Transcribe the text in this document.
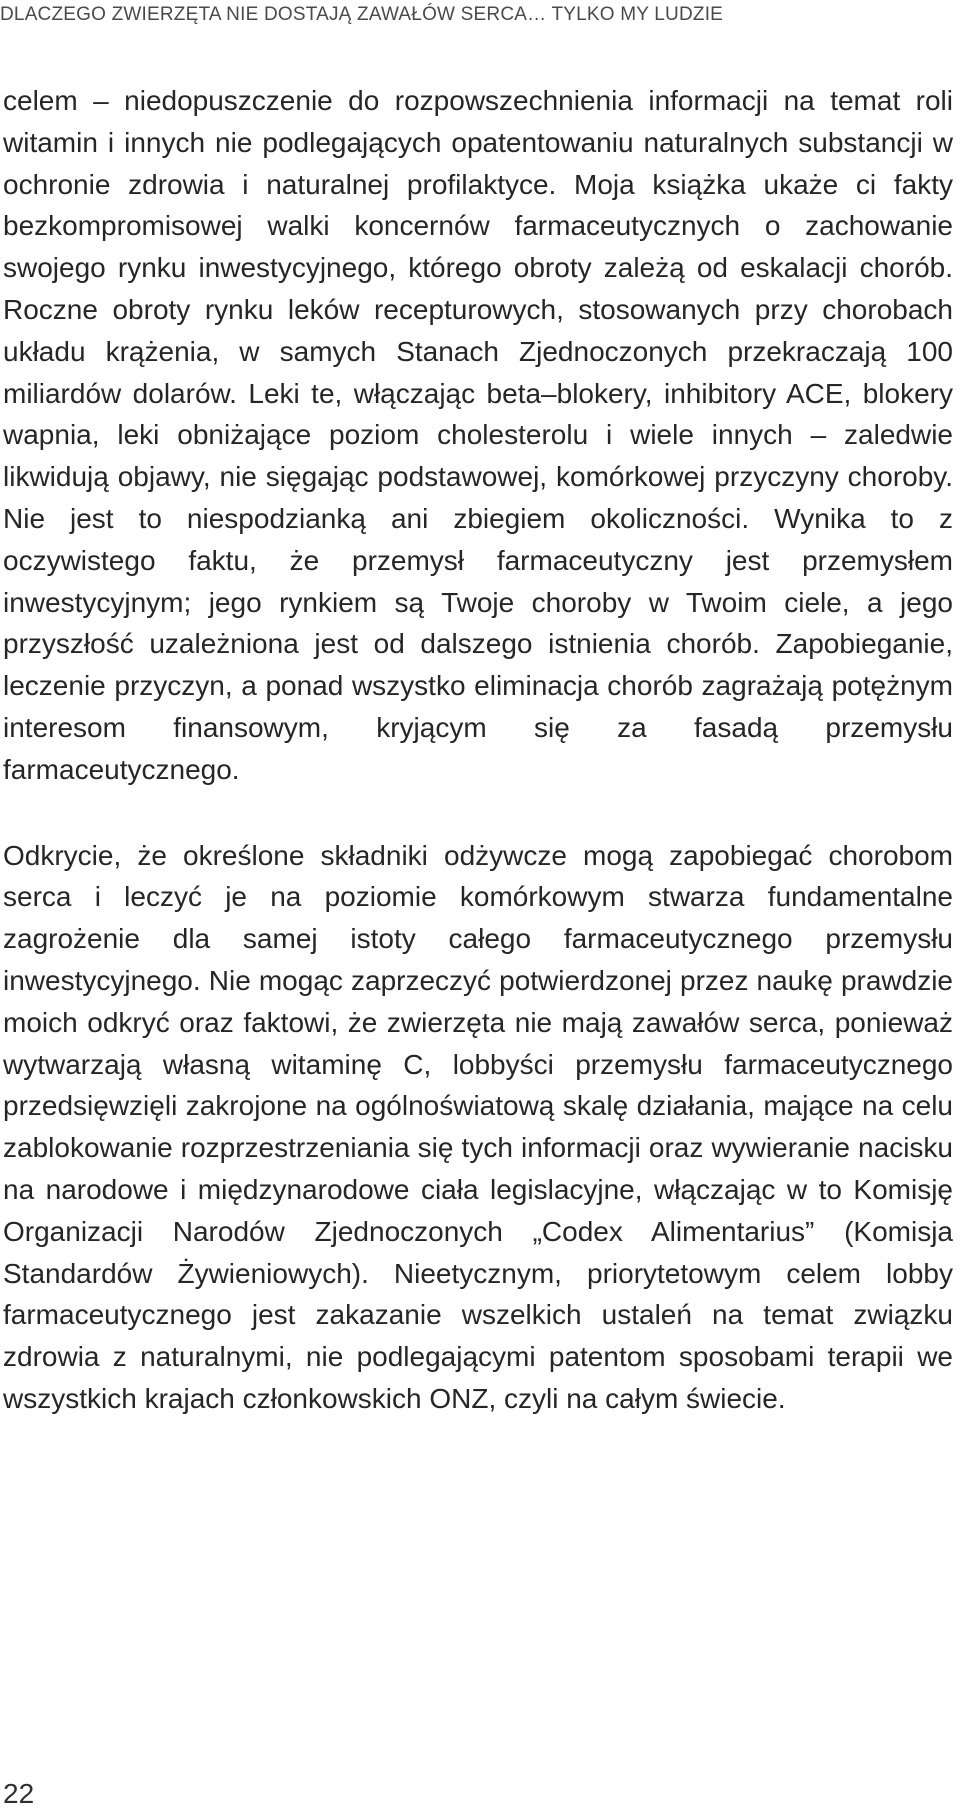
DLACZEGO ZWIERZĘTA NIE DOSTAJĄ ZAWAŁÓW SERCA… TYLKO MY LUDZIE

celem – niedopuszczenie do rozpowszechnienia informacji na temat roli witamin i innych nie podlegających opatentowaniu naturalnych substancji w ochronie zdrowia i naturalnej profilaktyce. Moja książka ukaże ci fakty bezkompromisowej walki koncernów farmaceutycznych o zachowanie swojego rynku inwestycyjnego, którego obroty zależą od eskalacji chorób. Roczne obroty rynku leków recepturowych, stosowanych przy chorobach układu krążenia, w samych Stanach Zjednoczonych przekraczają 100 miliardów dolarów. Leki te, włączając beta–blokery, inhibitory ACE, blokery wapnia, leki obniżające poziom cholesterolu i wiele innych – zaledwie likwidują objawy, nie sięgając podstawowej, komórkowej przyczyny choroby. Nie jest to niespodzianką ani zbiegiem okoliczności. Wynika to z oczywistego faktu, że przemysł farmaceutyczny jest przemysłem inwestycyjnym; jego rynkiem są Twoje choroby w Twoim ciele, a jego przyszłość uzależniona jest od dalszego istnienia chorób. Zapobieganie, leczenie przyczyn, a ponad wszystko eliminacja chorób zagrażają potężnym interesom finansowym, kryjącym się za fasadą przemysłu farmaceutycznego.

Odkrycie, że określone składniki odżywcze mogą zapobiegać chorobom serca i leczyć je na poziomie komórkowym stwarza fundamentalne zagrożenie dla samej istoty całego farmaceutycznego przemysłu inwestycyjnego. Nie mogąc zaprzeczyć potwierdzonej przez naukę prawdzie moich odkryć oraz faktowi, że zwierzęta nie mają zawałów serca, ponieważ wytwarzają własną witaminę C, lobbyści przemysłu farmaceutycznego przedsięwzięli zakrojone na ogólnoświatową skalę działania, mające na celu zablokowanie rozprzestrzeniania się tych informacji oraz wywieranie nacisku na narodowe i międzynarodowe ciała legislacyjne, włączając w to Komisję Organizacji Narodów Zjednoczonych „Codex Alimentarius” (Komisja Standardów Żywieniowych). Nieetycznym, priorytetowym celem lobby farmaceutycznego jest zakazanie wszelkich ustaleń na temat związku zdrowia z naturalnymi, nie podlegającymi patentom sposobami terapii we wszystkich krajach członkowskich ONZ, czyli na całym świecie.

22
